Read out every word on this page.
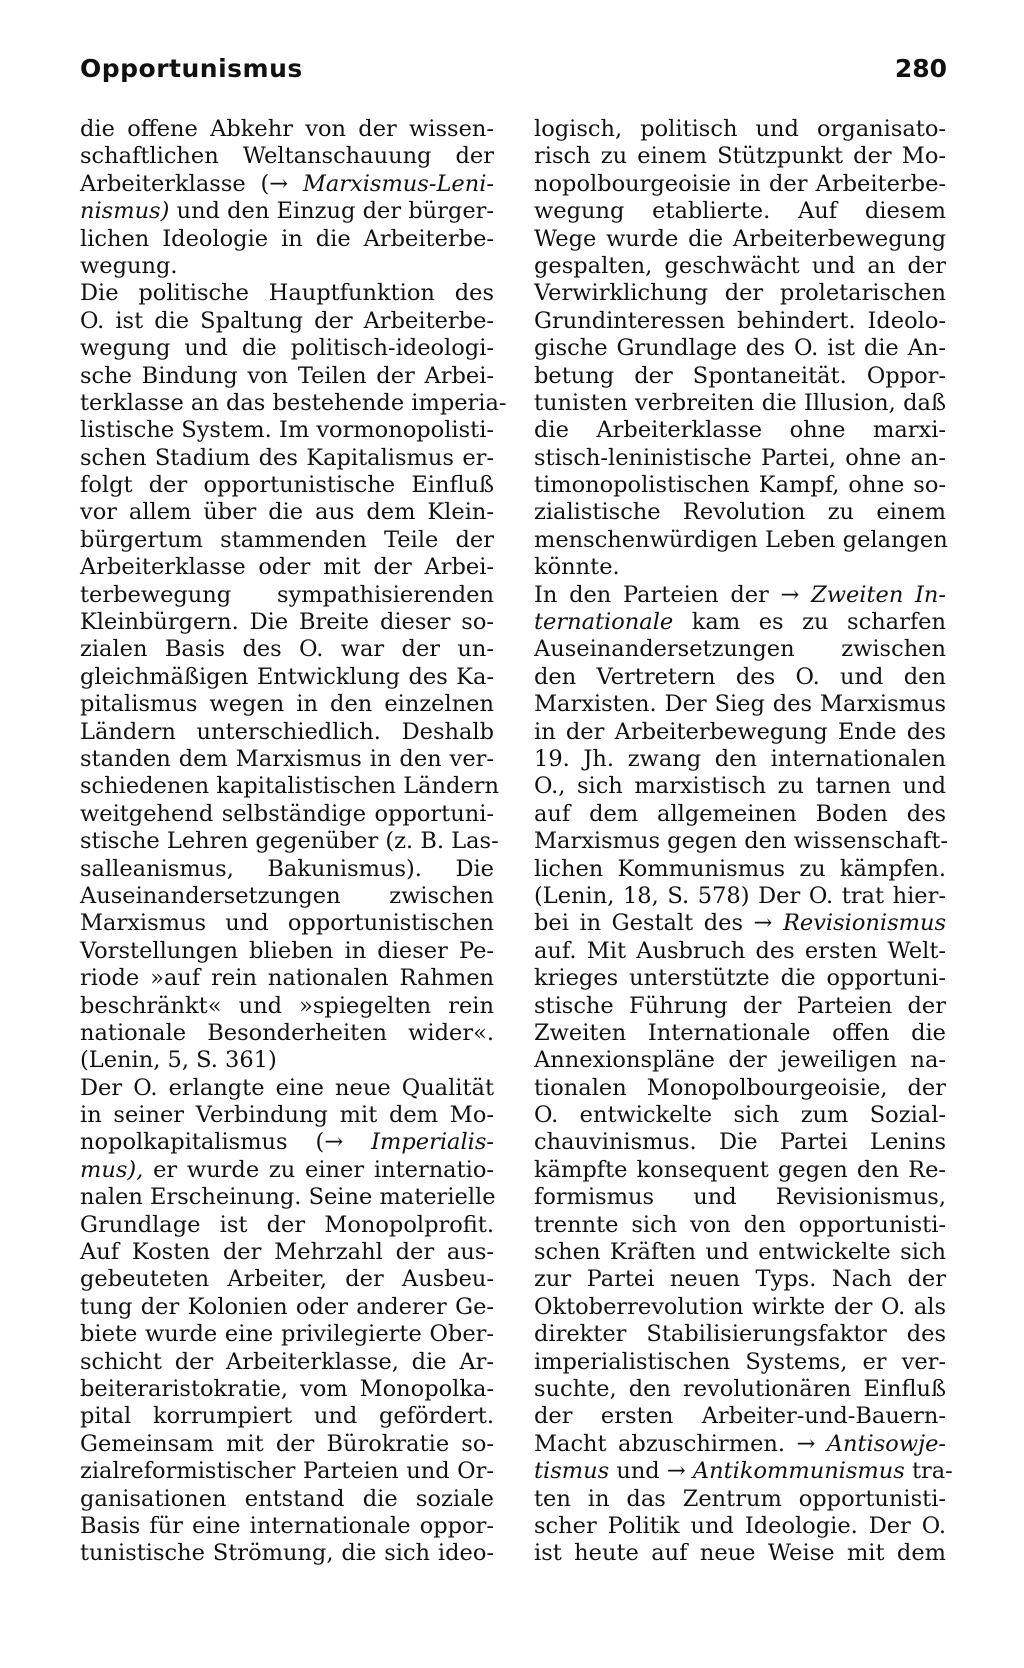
Opportunismus	280
die offene Abkehr von der wissen-
schaftlichen Weltanschauung der
Arbeiterklasse (→ Marxismus-Leni-
nismus) und den Einzug der bürger-
lichen Ideologie in die Arbeiterbe-
wegung.
Die politische Hauptfunktion des
O. ist die Spaltung der Arbeiterbe-
wegung und die politisch-ideologi-
sche Bindung von Teilen der Arbei-
terklasse an das bestehende imperia-
listische System. Im vormonopolisti-
schen Stadium des Kapitalismus er-
folgt der opportunistische Einfluß
vor allem über die aus dem Klein-
bürgertum stammenden Teile der
Arbeiterklasse oder mit der Arbei-
terbewegung sympathisierenden
Kleinbürgern. Die Breite dieser so-
zialen Basis des O. war der un-
gleichmäßigen Entwicklung des Ka-
pitalismus wegen in den einzelnen
Ländern unterschiedlich. Deshalb
standen dem Marxismus in den ver-
schiedenen kapitalistischen Ländern
weitgehend selbständige opportuni-
stische Lehren gegenüber (z. B. Las-
salleanismus, Bakunismus). Die
Auseinandersetzungen zwischen
Marxismus und opportunistischen
Vorstellungen blieben in dieser Pe-
riode »auf rein nationalen Rahmen
beschränkt« und »spiegelten rein
nationale Besonderheiten wider«.
(Lenin, 5, S. 361)
Der O. erlangte eine neue Qualität
in seiner Verbindung mit dem Mo-
nopolkapitalismus (→ Imperialis-
mus), er wurde zu einer internatio-
nalen Erscheinung. Seine materielle
Grundlage ist der Monopolprofit.
Auf Kosten der Mehrzahl der aus-
gebeuteten Arbeiter, der Ausbeu-
tung der Kolonien oder anderer Ge-
biete wurde eine privilegierte Ober-
schicht der Arbeiterklasse, die Ar-
beiteraristokratie, vom Monopolka-
pital korrumpiert und gefördert.
Gemeinsam mit der Bürokratie so-
zialreformistischer Parteien und Or-
ganisationen entstand die soziale
Basis für eine internationale oppor-
tunistische Strömung, die sich ideo-
logisch, politisch und organisato-
risch zu einem Stützpunkt der Mo-
nopolbourgeoisie in der Arbeiterbe-
wegung etablierte. Auf diesem
Wege wurde die Arbeiterbewegung
gespalten, geschwächt und an der
Verwirklichung der proletarischen
Grundinteressen behindert. Ideolo-
gische Grundlage des O. ist die An-
betung der Spontaneität. Oppor-
tunisten verbreiten die Illusion, daß
die Arbeiterklasse ohne marxi-
stisch-leninistische Partei, ohne an-
timonopolistischen Kampf, ohne so-
zialistische Revolution zu einem
menschenwürdigen Leben gelangen
könnte.
In den Parteien der → Zweiten In-
ternationale kam es zu scharfen
Auseinandersetzungen zwischen
den Vertretern des O. und den
Marxisten. Der Sieg des Marxismus
in der Arbeiterbewegung Ende des
19. Jh. zwang den internationalen
O., sich marxistisch zu tarnen und
auf dem allgemeinen Boden des
Marxismus gegen den wissenschaft-
lichen Kommunismus zu kämpfen.
(Lenin, 18, S. 578) Der O. trat hier-
bei in Gestalt des → Revisionismus
auf. Mit Ausbruch des ersten Welt-
krieges unterstützte die opportuni-
stische Führung der Parteien der
Zweiten Internationale offen die
Annexionspläne der jeweiligen na-
tionalen Monopolbourgeoisie, der
O. entwickelte sich zum Sozial-
chauvinismus. Die Partei Lenins
kämpfte konsequent gegen den Re-
formismus und Revisionismus,
trennte sich von den opportunisti-
schen Kräften und entwickelte sich
zur Partei neuen Typs. Nach der
Oktoberrevolution wirkte der O. als
direkter Stabilisierungsfaktor des
imperialistischen Systems, er ver-
suchte, den revolutionären Einfluß
der ersten Arbeiter-und-Bauern-
Macht abzuschirmen. → Antisowje-
tismus und → Antikommunismus tra-
ten in das Zentrum opportunisti-
scher Politik und Ideologie. Der O.
ist heute auf neue Weise mit dem
